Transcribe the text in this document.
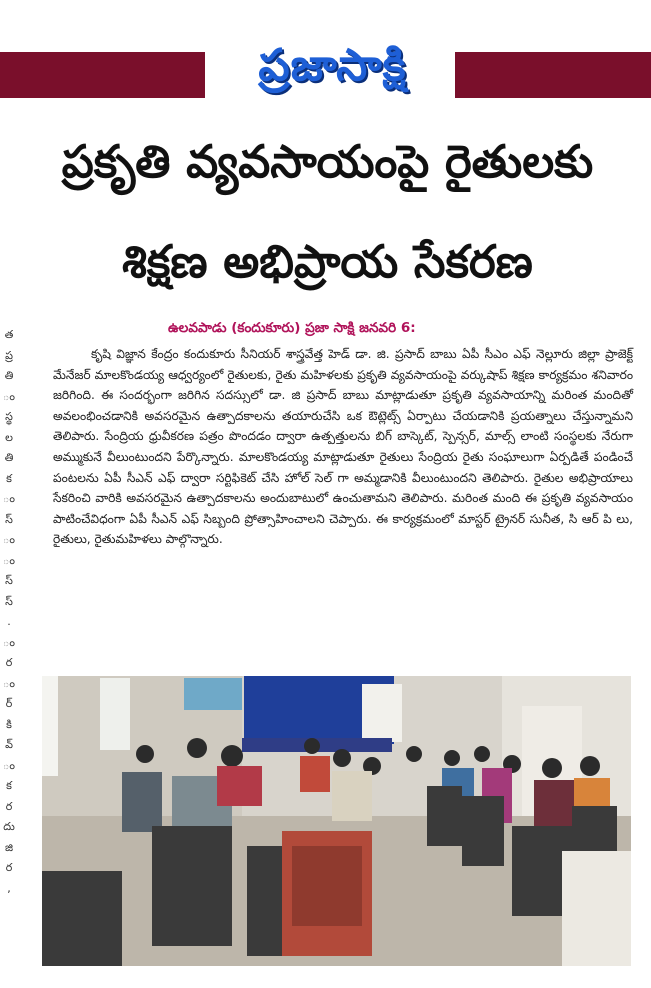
ప్రజాసాక్షి
ప్రకృతి వ్యవసాయంపై రైతులకు
శిక్షణ అభిప్రాయ సేకరణ
త
ప్ర
తి
ం
స్థ
ల
తి
క
ం
స్
ం
ం
స్
స్
.
ం
ర
ం
ర్
కి
వ్
ం
క
ర
దు
జి
ర
,
ఉలవపాడు (కందుకూరు) ప్రజా సాక్షి జనవరి 6:

కృషి విజ్ఞాన కేంద్రం కందుకూరు సీనియర్ శాస్త్రవేత్త హెడ్ డా. జి. ప్రసాద్ బాబు ఏపీ సీఎం ఎఫ్ నెల్లూరు జిల్లా ప్రాజెక్ట్ మేనేజర్ మాలకొండయ్య ఆధ్వర్యంలో రైతులకు, రైతు మహిళలకు ప్రకృతి వ్యవసాయంపై వర్కుషాప్ శిక్షణ కార్యక్రమం శనివారం జరిగింది. ఈ సందర్భంగా జరిగిన సదస్సులో డా. జి ప్రసాద్ బాబు మాట్లాడుతూ ప్రకృతి వ్యవసాయాన్ని మరింత మందితో అవలంభించడానికి అవసరమైన ఉత్పాదకాలను తయారుచేసి ఒక ఔట్లెట్స్ ఏర్పాటు చేయడానికి ప్రయత్నాలు చేస్తున్నామని తెలిపారు. సేంద్రియ ధ్రువీకరణ పత్రం పొందడం ద్వారా ఉత్పత్తులను బిగ్ బాస్కెట్, స్పెన్సర్, మాల్స్ లాంటి సంస్థలకు నేరుగా అమ్ముకునే వీలుంటుందని పేర్కొన్నారు. మాలకొండయ్య మాట్లాడుతూ రైతులు సేంద్రియ రైతు సంఘాలుగా ఏర్పడితే పండించే పంటలను ఏపీ సీఎన్ ఎఫ్ ద్వారా సర్టిఫికెట్ చేసి హోల్ సెల్ గా అమ్మడానికి వీలుంటుందని తెలిపారు. రైతుల అభిప్రాయాలు సేకరించి వారికి అవసరమైన ఉత్పాదకాలను అందుబాటులో ఉంచుతామని తెలిపారు. మరింత మంది ఈ ప్రకృతి వ్యవసాయం పాటించేవిధంగా ఏపీ సీఎన్ ఎఫ్ సిబ్బంది ప్రోత్సాహించాలని చెప్పారు. ఈ కార్యక్రమంలో మాస్టర్ ట్రైనర్ సునీత, సి ఆర్ పి లు, రైతులు, రైతుమహిళలు పాల్గొన్నారు.
